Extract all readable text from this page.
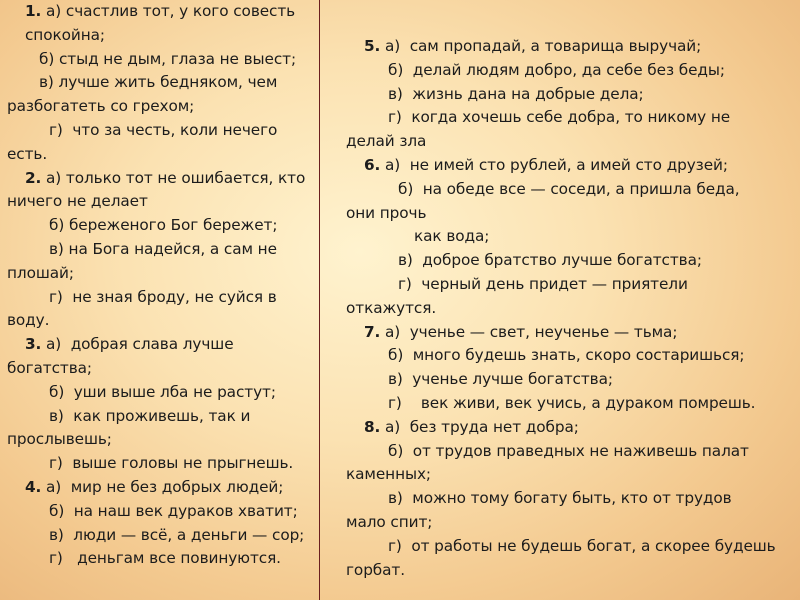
1. а) счастлив тот, у кого совесть
спокойна;
б) стыд не дым, глаза не выест;
в) лучше жить бедняком, чем
разбогатеть со грехом;
г)  что за честь, коли нечего
есть.
2. а) только тот не ошибается, кто
ничего не делает
б) береженого Бог бережет;
в) на Бога надейся, а сам не
плошай;
г)  не зная броду, не суйся в
воду.
3. а)  добрая слава лучше
богатства;
б)  уши выше лба не растут;
в)  как проживешь, так и
прослывешь;
г)  выше головы не прыгнешь.
4. а)  мир не без добрых людей;
б)  на наш век дураков хватит;
в)  люди — всё, а деньги — сор;
г)   деньгам все повинуются.
5. а)  сам пропадай, а товарища выручай;
б)  делай людям добро, да себе без беды;
в)  жизнь дана на добрые дела;
г)  когда хочешь себе добра, то никому не
делай зла
6. а)  не имей сто рублей, а имей сто друзей;
б)  на обеде все — соседи, а пришла беда,
они прочь
как вода;
в)  доброе братство лучше богатства;
г)  черный день придет — приятели
откажутся.
7. а)  ученье — свет, неученье — тьма;
б)  много будешь знать, скоро состаришься;
в)  ученье лучше богатства;
г)    век живи, век учись, а дураком помрешь.
8. а)  без труда нет добра;
б)  от трудов праведных не наживешь палат
каменных;
в)  можно тому богату быть, кто от трудов
мало спит;
г)  от работы не будешь богат, а скорее будешь
горбат.
